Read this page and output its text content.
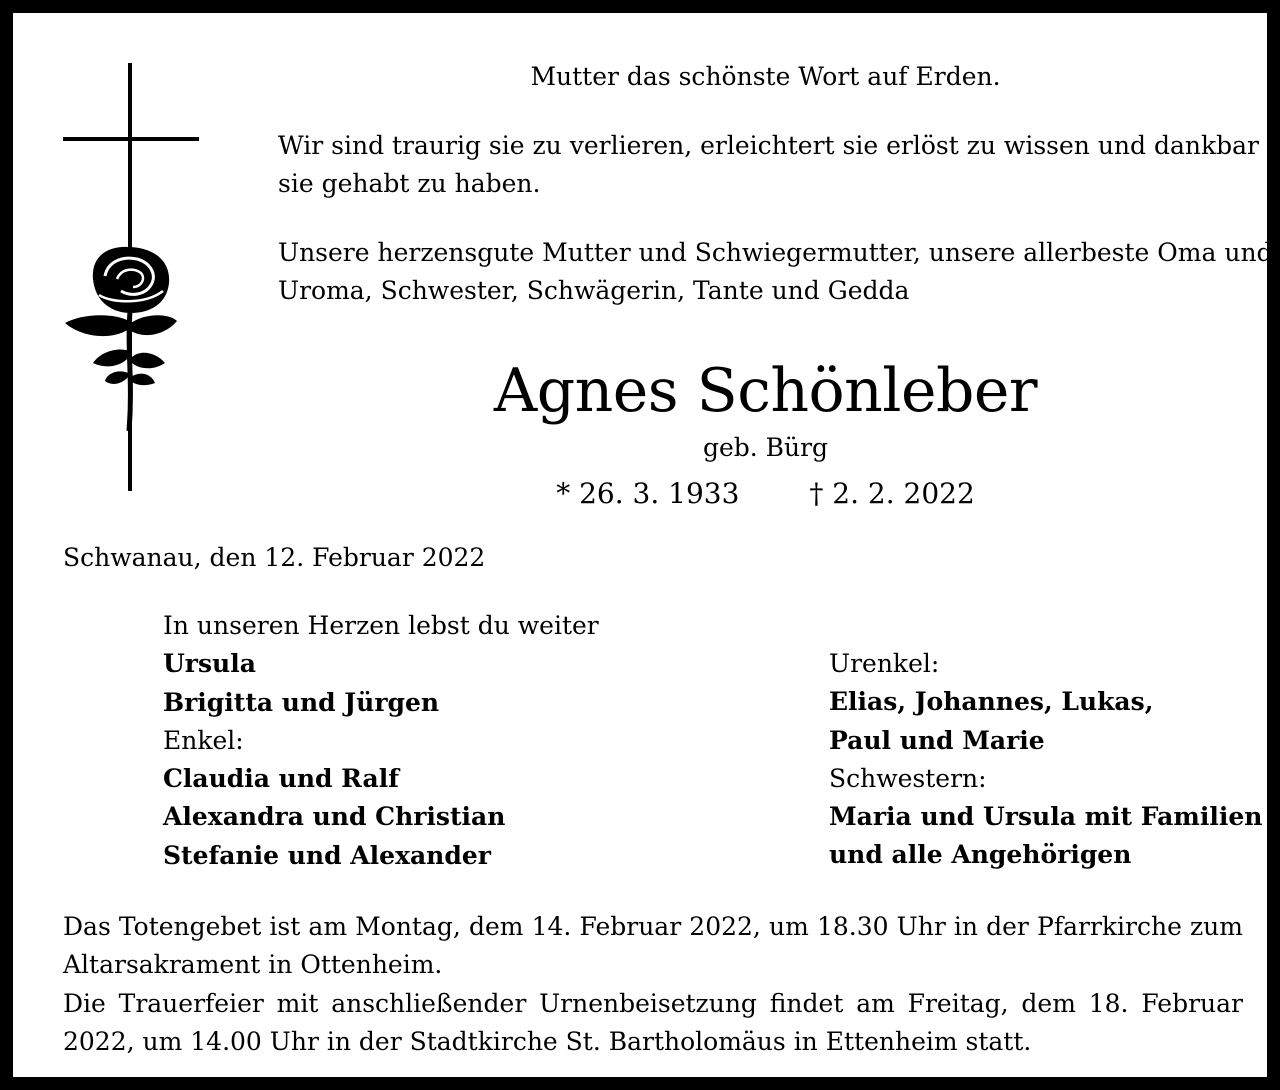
Mutter das schönste Wort auf Erden.
Wir sind traurig sie zu verlieren, erleichtert sie erlöst zu wissen und dankbar
sie gehabt zu haben.
Unsere herzensgute Mutter und Schwiegermutter, unsere allerbeste Oma und
Uroma, Schwester, Schwägerin, Tante und Gedda
Agnes Schönleber
geb. Bürg
* 26. 3. 1933	† 2. 2. 2022
Schwanau, den 12. Februar 2022
In unseren Herzen lebst du weiter
Ursula
Brigitta und Jürgen
Enkel:
Claudia und Ralf
Alexandra und Christian
Stefanie und Alexander
Urenkel:
Elias, Johannes, Lukas,
Paul und Marie
Schwestern:
Maria und Ursula mit Familien
und alle Angehörigen
Das Totengebet ist am Montag, dem 14. Februar 2022, um 18.30 Uhr in der Pfarrkirche zum Altarsakrament in Ottenheim.
Die Trauerfeier mit anschließender Urnenbeisetzung findet am Freitag, dem 18. Februar 2022, um 14.00 Uhr in der Stadtkirche St. Bartholomäus in Ettenheim statt.
